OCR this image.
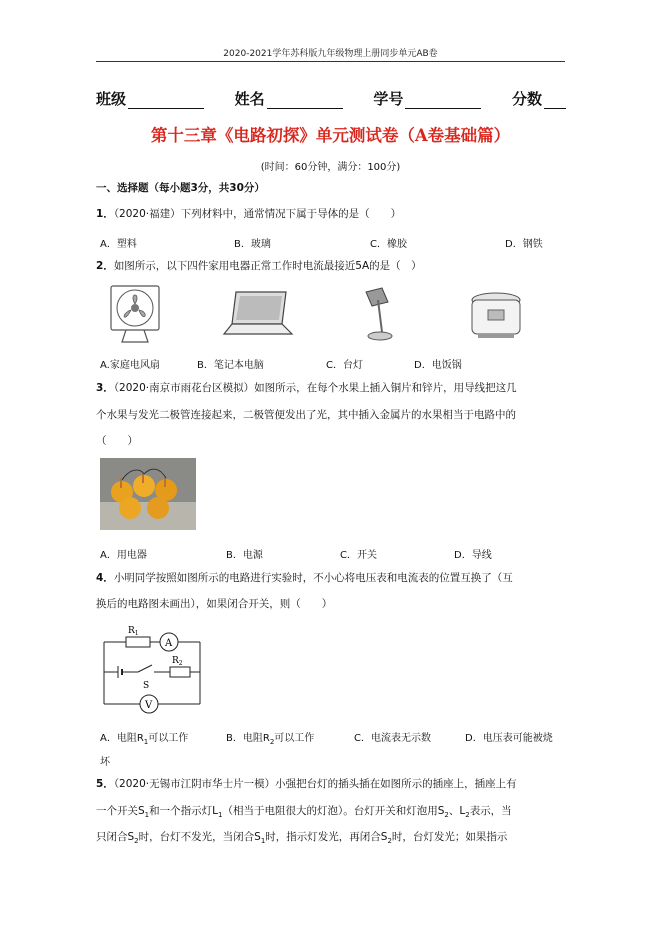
2020-2021学年苏科版九年级物理上册同步单元AB卷
班级	姓名	学号	分数
第十三章《电路初探》单元测试卷（A卷基础篇）
(时间：60分钟，满分：100分)
一、选择题（每小题3分，共30分）
1．（2020·福建）下列材料中，通常情况下属于导体的是（　　）
A．塑料	B．玻璃	C．橡胶	D．钢铁
2．如图所示，以下四件家用电器正常工作时电流最接近5A的是（　）
A.家庭电风扇	B．笔记本电脑	C．台灯	D．电饭锅
3．（2020·南京市雨花台区模拟）如图所示，在每个水果上插入铜片和锌片，用导线把这几
个水果与发光二极管连接起来，二极管便发出了光，其中插入金属片的水果相当于电路中的
（　　）
A．用电器	B．电源	C．开关	D．导线
4．小明同学按照如图所示的电路进行实验时，不小心将电压表和电流表的位置互换了（互
换后的电路图未画出），如果闭合开关，则（　　）
$R_1$
A
$R_2$
S
V
A．电阻$R_1$可以工作	B．电阻$R_2$可以工作	C．电流表无示数	D．电压表可能被烧
坏
5．（2020·无锡市江阴市华士片一模）小强把台灯的插头插在如图所示的插座上，插座上有
一个开关$S_1$和一个指示灯$L_1$（相当于电阻很大的灯泡）。台灯开关和灯泡用$S_2$、$L_2$表示，当
只闭合$S_2$时，台灯不发光，当闭合$S_1$时，指示灯发光，再闭合$S_2$时，台灯发光；如果指示
